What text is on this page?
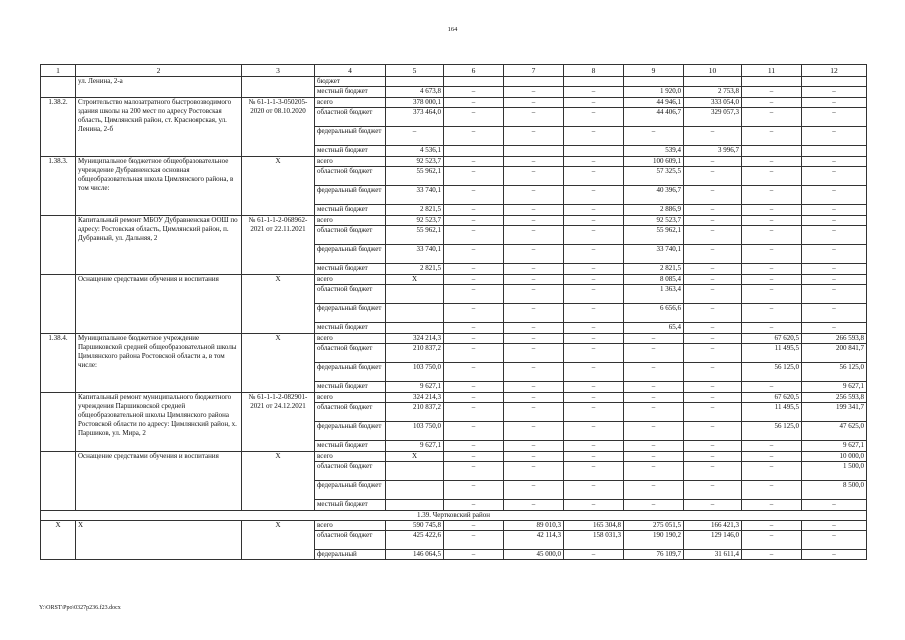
164
1	2	3	4	5	6	7	8	9	10	11	12
	ул. Ленина, 2-а		бюджет								
			местный бюджет	4 673,8	–	–	–	1 920,0	2 753,8	–	–
1.38.2.	Строительство малозатратного быстровозводимого здания школы на 200 мест по адресу Ростовская область, Цимлянский район, ст. Красноярская, ул. Ленина, 2-б	№ 61-1-1-3-050205-2020 от 08.10.2020	всего	378 000,1	–	–	–	44 946,1	333 054,0	–	–
			областной бюджет	373 464,0	–	–	–	44 406,7	329 057,3	–	–
			федеральный бюджет	–	–	–	–	–	–	–	–
			местный бюджет	4 536,1				539,4	3 996,7		
1.38.3.	Муниципальное бюджетное общеобразовательное учреждение Дубравненская основная общеобразовательная школа Цимлянского района, в том числе:	Х	всего	92 523,7	–	–	–	100 609,1	–	–	–
			областной бюджет	55 962,1	–	–	–	57 325,5	–	–	–
			федеральный бюджет	33 740,1	–	–	–	40 396,7	–	–	–
			местный бюджет	2 821,5	–	–	–	2 886,9	–	–	–
	Капитальный ремонт МБОУ Дубравненская ООШ по адресу: Ростовская область, Цимлянский район, п. Дубравный, ул. Дальняя, 2	№ 61-1-1-2-068962-2021 от 22.11.2021	всего	92 523,7	–	–	–	92 523,7	–	–	–
			областной бюджет	55 962,1	–	–	–	55 962,1	–	–	–
			федеральный бюджет	33 740,1	–	–	–	33 740,1	–	–	–
			местный бюджет	2 821,5	–	–	–	2 821,5	–	–	–
	Оснащение средствами обучения и воспитания	Х	всего	Х	–	–	–	8 085,4	–	–	–
			областной бюджет		–	–	–	1 363,4	–	–	–
			федеральный бюджет		–	–	–	6 656,6	–	–	–
			местный бюджет		–	–	–	65,4	–	–	–
1.38.4.	Муниципальное бюджетное учреждение Паршиковской средней общеобразовательной школы Цимлянского района Ростовской области а, в том числе:	Х	всего	324 214,3	–	–	–	–	–	67 620,5	266 593,8
			областной бюджет	210 837,2	–	–	–	–	–	11 495,5	200 841,7
			федеральный бюджет	103 750,0	–	–	–	–	–	56 125,0	56 125,0
			местный бюджет	9 627,1	–	–	–	–	–	–	9 627,1
	Капитальный ремонт муниципального бюджетного учреждения Паршиковской средней общеобразовательной школы Цимлянского района Ростовской области по адресу: Цимлянский район, х. Паршиков, ул. Мира, 2	№ 61-1-1-2-082901-2021 от 24.12.2021	всего	324 214,3	–	–	–	–	–	67 620,5	256 593,8
			областной бюджет	210 837,2	–	–	–	–	–	11 495,5	199 341,7
			федеральный бюджет	103 750,0	–	–	–	–	–	56 125,0	47 625,0
			местный бюджет	9 627,1	–	–	–	–	–	–	9 627,1
	Оснащение средствами обучения и воспитания	Х	всего	Х	–	–	–	–	–	–	10 000,0
			областной бюджет		–	–	–	–	–	–	1 500,0
			федеральный бюджет		–	–	–	–	–	–	8 500,0
			местный бюджет		–	–	–	–	–	–	–
1.39. Чертковский район											
Х	Х	Х	всего	590 745,8	–	89 010,3	165 304,8	275 051,5	166 421,3	–	–
			областной бюджет	425 422,6	–	42 114,3	158 031,3	190 190,2	129 146,0	–	–
			федеральный	146 064,5	–	45 000,0	–	76 109,7	31 611,4	–	–
Y:\ORST\Ppo\0327p236.f23.docx
